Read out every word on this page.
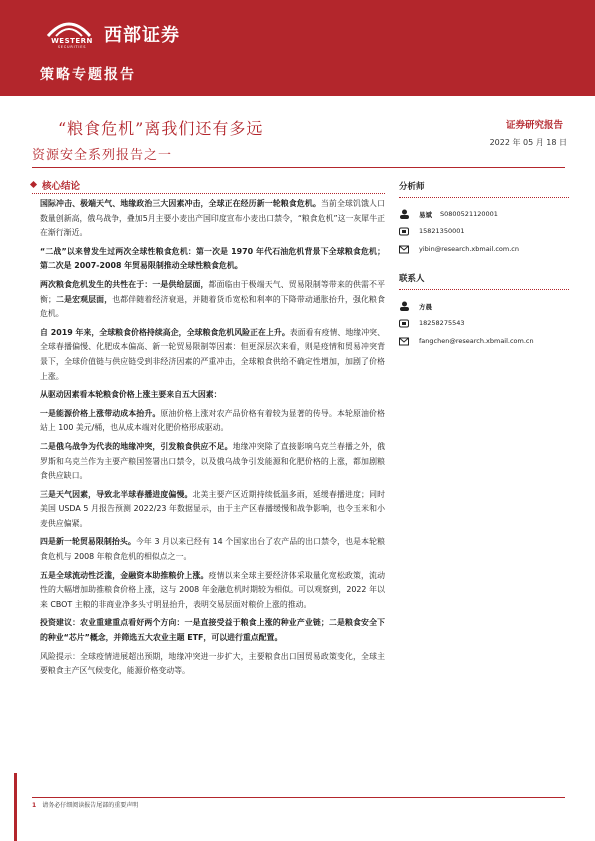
WESTERN
SECURITIES
西部证券
策略专题报告
“粮食危机”离我们还有多远
资源安全系列报告之一
证券研究报告
2022 年 05 月 18 日
核心结论

国际冲击、极端天气、地缘政治三大因素冲击，全球正在经历新一轮粮食危机。当前全球饥饿人口数量创新高，俄乌战争，叠加5月主要小麦出产国印度宣布小麦出口禁令，“粮食危机”这一灰犀牛正在渐行渐近。

“二战”以来曾发生过两次全球性粮食危机：第一次是 1970 年代石油危机背景下全球粮食危机；第二次是 2007-2008 年贸易限制推动全球性粮食危机。

两次粮食危机发生的共性在于：一是供给层面，都面临由于极端天气、贸易限制等带来的供需不平衡；二是宏观层面，也都伴随着经济衰退，并随着货币宽松和利率的下降带动通胀抬升，强化粮食危机。

自 2019 年来，全球粮食价格持续高企，全球粮食危机风险正在上升。表面看有疫情、地缘冲突、全球春播偏慢、化肥成本偏高、新一轮贸易限制等因素：但更深层次来看，则是疫情和贸易冲突背景下，全球价值链与供应链受到非经济因素的严重冲击，全球粮食供给不确定性增加，加剧了价格上涨。

从驱动因素看本轮粮食价格上涨主要来自五大因素：

一是能源价格上涨带动成本抬升。原油价格上涨对农产品价格有着较为显著的传导。本轮原油价格站上 100 美元/桶，也从成本端对化肥价格形成驱动。

二是俄乌战争为代表的地缘冲突，引发粮食供应不足。地缘冲突除了直接影响乌克兰春播之外，俄罗斯和乌克兰作为主要产粮国签署出口禁令，以及俄乌战争引发能源和化肥价格的上涨，都加剧粮食供应缺口。

三是天气因素，导致北半球春播进度偏慢。北美主要产区近期持续低温多雨，延缓春播进度；同时美国 USDA 5 月报告预测 2022/23 年数据显示，由于主产区春播缓慢和战争影响，也令玉米和小麦供应偏紧。

四是新一轮贸易限制抬头。今年 3 月以来已经有 14 个国家出台了农产品的出口禁令，也是本轮粮食危机与 2008 年粮食危机的相似点之一。

五是全球流动性泛滥，金融资本助推粮价上涨。疫情以来全球主要经济体采取量化宽松政策，流动性的大幅增加助推粮食价格上涨，这与 2008 年金融危机时期较为相似。可以观察到，2022 年以来 CBOT 主粮的非商业净多头寸明显抬升，表明交易层面对粮价上涨的推动。

投资建议：农业重建重点看好两个方向：一是直接受益于粮食上涨的种业产业链；二是粮食安全下的种业“芯片”概念，并筛选五大农业主题 ETF，可以进行重点配置。

风险提示：全球疫情进展超出预期，地缘冲突进一步扩大，主要粮食出口国贸易政策变化，全球主要粮食主产区气候变化，能源价格变动等。

分析师
易斌 S0800521120001
15821350001
yibin@research.xbmail.com.cn
联系人
方晨
18258275543
fangchen@research.xbmail.com.cn
1 请务必仔细阅读报告尾部的重要声明
